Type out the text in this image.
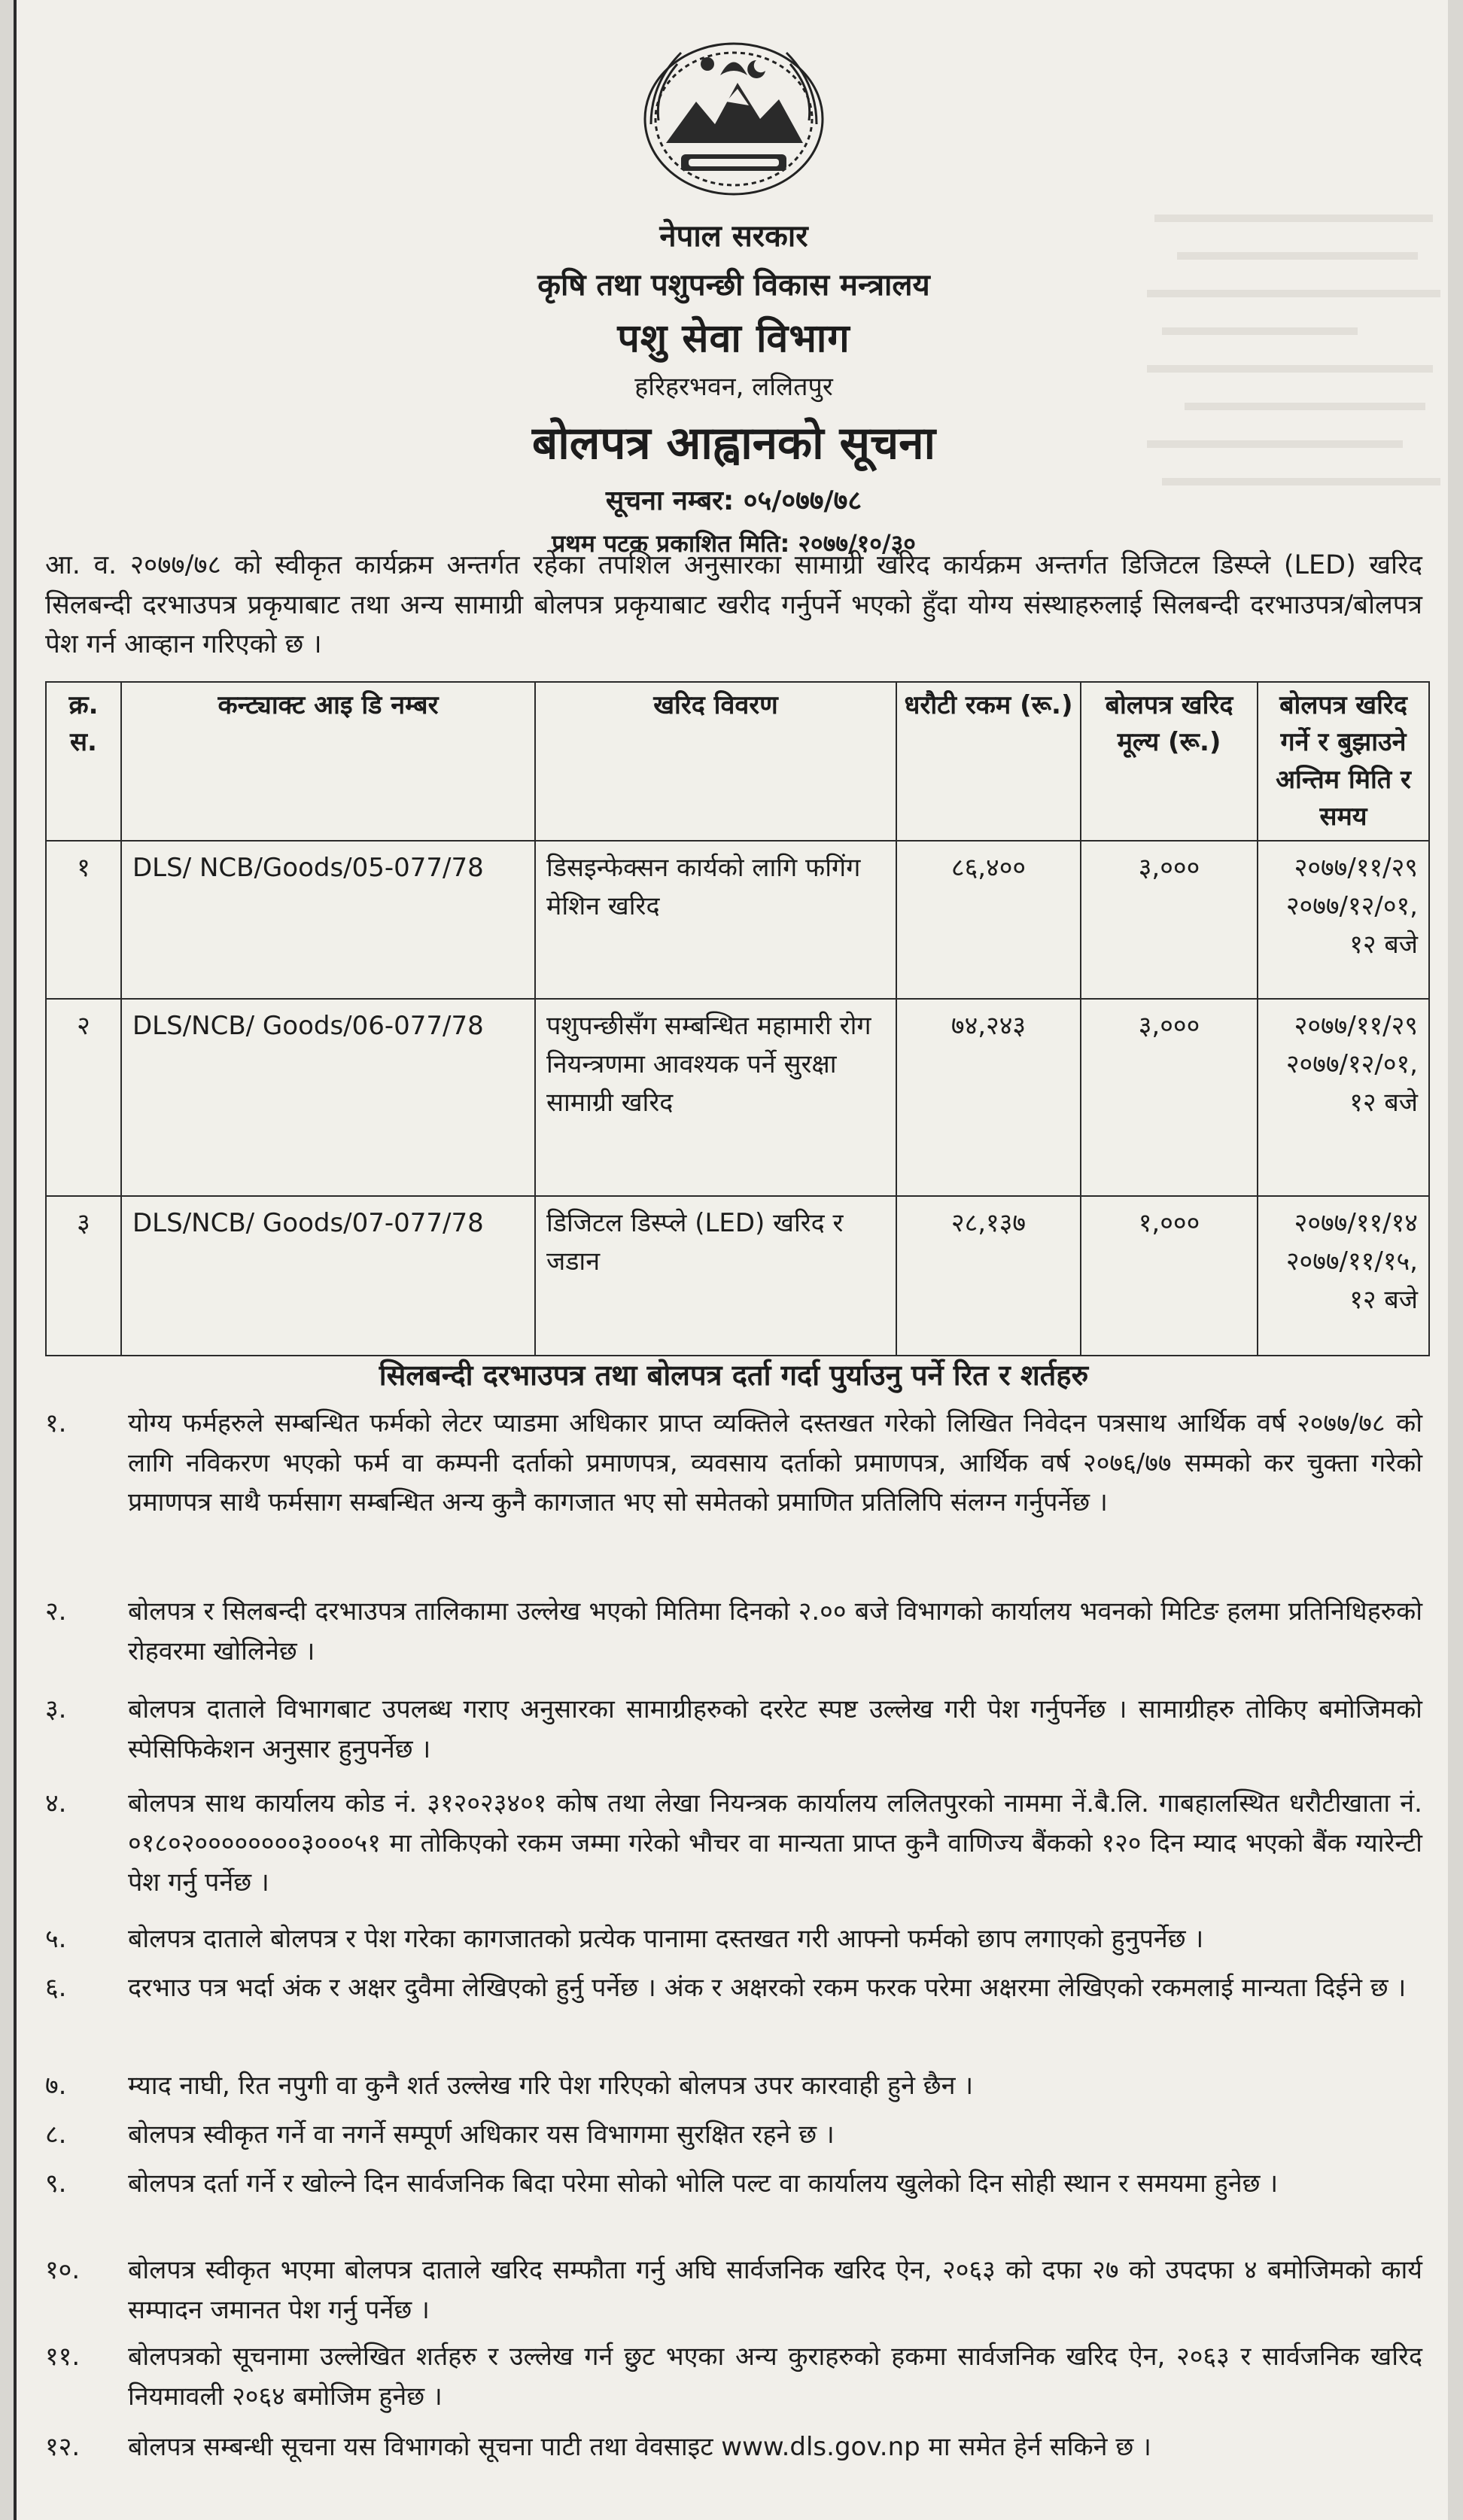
नेपाल सरकार
कृषि तथा पशुपन्छी विकास मन्त्रालय
पशु सेवा विभाग
हरिहरभवन, ललितपुर
बोलपत्र आह्वानको सूचना
सूचना नम्बर: ०५/०७७/७८
प्रथम पटक प्रकाशित मिति: २०७७/१०/३०
आ. व. २०७७/७८ को स्वीकृत कार्यक्रम अन्तर्गत रहेका तपशिल अनुसारका सामाग्री खरिद कार्यक्रम अन्तर्गत डिजिटल डिस्प्ले (LED) खरिद सिलबन्दी दरभाउपत्र प्रकृयाबाट तथा अन्य सामाग्री बोलपत्र प्रकृयाबाट खरीद गर्नुपर्ने भएको हुँदा योग्य संस्थाहरुलाई सिलबन्दी दरभाउपत्र/बोलपत्र पेश गर्न आव्हान गरिएको छ ।
क्र. स.	कन्ट्याक्ट आइ डि नम्बर	खरिद विवरण	धरौटी रकम (रू.)	बोलपत्र खरिद मूल्य (रू.)	बोलपत्र खरिद गर्ने र बुझाउने अन्तिम मिति र समय
१	DLS/ NCB/Goods/05-077/78	डिसइन्फेक्सन कार्यको लागि फगिंग मेशिन खरिद	८६,४००	३,०००	२०७७/११/२९
२०७७/१२/०१,
१२ बजे

२	DLS/NCB/ Goods/06-077/78	पशुपन्छीसँग सम्बन्धित महामारी रोग नियन्त्रणमा आवश्यक पर्ने सुरक्षा सामाग्री खरिद	७४,२४३	३,०००	२०७७/११/२९
२०७७/१२/०१,
१२ बजे

३	DLS/NCB/ Goods/07-077/78	डिजिटल डिस्प्ले (LED) खरिद र जडान	२८,१३७	१,०००	२०७७/११/१४
२०७७/११/१५,
१२ बजे
सिलबन्दी दरभाउपत्र तथा बोलपत्र दर्ता गर्दा पुर्याउनु पर्ने रित र शर्तहरु
१.	योग्य फर्महरुले सम्बन्धित फर्मको लेटर प्याडमा अधिकार प्राप्त व्यक्तिले दस्तखत गरेको लिखित निवेदन पत्रसाथ आर्थिक वर्ष २०७७/७८ को लागि नविकरण भएको फर्म वा कम्पनी दर्ताको प्रमाणपत्र, व्यवसाय दर्ताको प्रमाणपत्र, आर्थिक वर्ष २०७६/७७ सम्मको कर चुक्ता गरेको प्रमाणपत्र साथै फर्मसाग सम्बन्धित अन्य कुनै कागजात भए सो समेतको प्रमाणित प्रतिलिपि संलग्न गर्नुपर्नेछ ।
२.	बोलपत्र र सिलबन्दी दरभाउपत्र तालिकामा उल्लेख भएको मितिमा दिनको २.०० बजे विभागको कार्यालय भवनको मिटिङ हलमा प्रतिनिधिहरुको रोहवरमा खोलिनेछ ।
३.	बोलपत्र दाताले विभागबाट उपलब्ध गराए अनुसारका सामाग्रीहरुको दररेट स्पष्ट उल्लेख गरी पेश गर्नुपर्नेछ । सामाग्रीहरु तोकिए बमोजिमको स्पेसिफिकेशन अनुसार हुनुपर्नेछ ।
४.	बोलपत्र साथ कार्यालय कोड नं. ३१२०२३४०१ कोष तथा लेखा नियन्त्रक कार्यालय ललितपुरको नाममा नें.बै.लि. गाबहालस्थित धरौटीखाता नं. ०१८०२००००००००३०००५१ मा तोकिएको रकम जम्मा गरेको भौचर वा मान्यता प्राप्त कुनै वाणिज्य बैंकको १२० दिन म्याद भएको बैंक ग्यारेन्टी पेश गर्नु पर्नेछ ।
५.	बोलपत्र दाताले बोलपत्र र पेश गरेका कागजातको प्रत्येक पानामा दस्तखत गरी आफ्नो फर्मको छाप लगाएको हुनुपर्नेछ ।
६.	दरभाउ पत्र भर्दा अंक र अक्षर दुवैमा लेखिएको हुर्नु पर्नेछ । अंक र अक्षरको रकम फरक परेमा अक्षरमा लेखिएको रकमलाई मान्यता दिईने छ ।
७.	म्याद नाघी, रित नपुगी वा कुनै शर्त उल्लेख गरि पेश गरिएको बोलपत्र उपर कारवाही हुने छैन ।
८.	बोलपत्र स्वीकृत गर्ने वा नगर्ने सम्पूर्ण अधिकार यस विभागमा सुरक्षित रहने छ ।
९.	बोलपत्र दर्ता गर्ने र खोल्ने दिन सार्वजनिक बिदा परेमा सोको भोलि पल्ट वा कार्यालय खुलेको दिन सोही स्थान र समयमा हुनेछ ।
१०.	बोलपत्र स्वीकृत भएमा बोलपत्र दाताले खरिद सम्फौता गर्नु अघि सार्वजनिक खरिद ऐन, २०६३ को दफा २७ को उपदफा ४ बमोजिमको कार्य सम्पादन जमानत पेश गर्नु पर्नेछ ।
११.	बोलपत्रको सूचनामा उल्लेखित शर्तहरु र उल्लेख गर्न छुट भएका अन्य कुराहरुको हकमा सार्वजनिक खरिद ऐन, २०६३ र सार्वजनिक खरिद नियमावली २०६४ बमोजिम हुनेछ ।
१२.	बोलपत्र सम्बन्धी सूचना यस विभागको सूचना पाटी तथा वेवसाइट www.dls.gov.np मा समेत हेर्न सकिने छ ।
